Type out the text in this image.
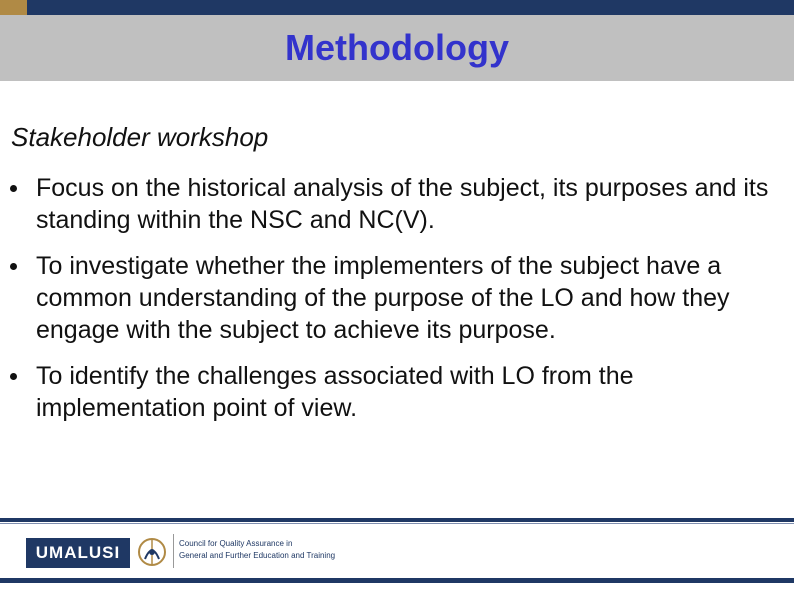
Methodology
Stakeholder workshop
Focus on the historical analysis of the subject, its purposes and its standing within the NSC and NC(V).
To investigate whether the implementers of the subject have a common understanding of the purpose of the LO and how they engage with the subject to achieve its purpose.
To identify the challenges associated with LO from the implementation point of view.
UMALUSI	Council for Quality Assurance in
General and Further Education and Training
